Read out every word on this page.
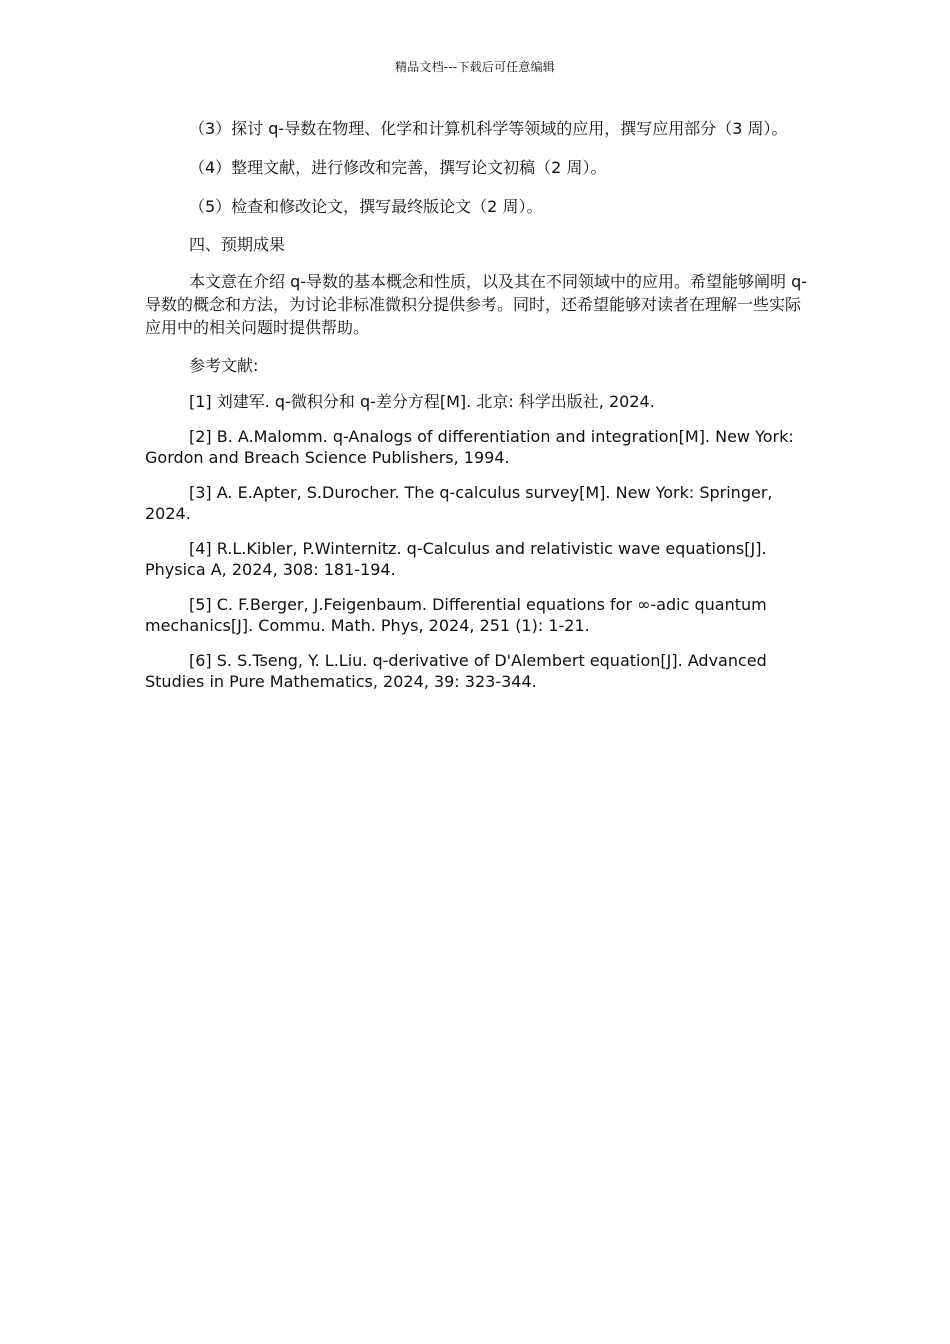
精品文档---下载后可任意编辑

（3）探讨 q-导数在物理、化学和计算机科学等领域的应用，撰写应用部分（3 周）。

（4）整理文献，进行修改和完善，撰写论文初稿（2 周）。

（5）检查和修改论文，撰写最终版论文（2 周）。

四、预期成果

本文意在介绍 q-导数的基本概念和性质，以及其在不同领域中的应用。希望能够阐明 q-导数的概念和方法，为讨论非标准微积分提供参考。同时，还希望能够对读者在理解一些实际应用中的相关问题时提供帮助。

参考文献:

[1] 刘建军. q-微积分和 q-差分方程[M]. 北京: 科学出版社, 2024.

[2] B. A.Malomm. q-Analogs of differentiation and integration[M]. New York: Gordon and Breach Science Publishers, 1994.

[3] A. E.Apter, S.Durocher. The q-calculus survey[M]. New York: Springer, 2024.

[4] R.L.Kibler, P.Winternitz. q-Calculus and relativistic wave equations[J]. Physica A, 2024, 308: 181-194.

[5] C. F.Berger, J.Feigenbaum. Differential equations for ∞-adic quantum mechanics[J]. Commu. Math. Phys, 2024, 251 (1): 1-21.

[6] S. S.Tseng, Y. L.Liu. q-derivative of D'Alembert equation[J]. Advanced Studies in Pure Mathematics, 2024, 39: 323-344.
